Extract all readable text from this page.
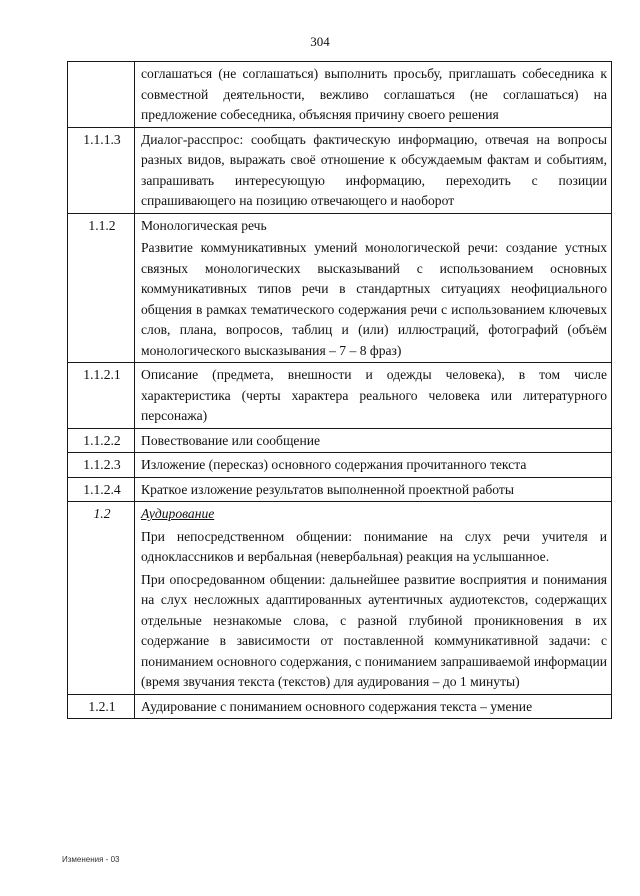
304

	соглашаться (не соглашаться) выполнить просьбу, приглашать собеседника к совместной деятельности, вежливо соглашаться (не соглашаться) на предложение собеседника, объясняя причину своего решения

1.1.1.3	Диалог-расспрос: сообщать фактическую информацию, отвечая на вопросы разных видов, выражать своё отношение к обсуждаемым фактам и событиям, запрашивать интересующую информацию, переходить с позиции спрашивающего на позицию отвечающего и наоборот

1.1.2	Монологическая речь

Развитие коммуникативных умений монологической речи: создание устных связных монологических высказываний с использованием основных коммуникативных типов речи в стандартных ситуациях неофициального общения в рамках тематического содержания речи с использованием ключевых слов, плана, вопросов, таблиц и (или) иллюстраций, фотографий (объём монологического высказывания – 7 – 8 фраз)

1.1.2.1	Описание (предмета, внешности и одежды человека), в том числе характеристика (черты характера реального человека или литературного персонажа)

1.1.2.2	Повествование или сообщение

1.1.2.3	Изложение (пересказ) основного содержания прочитанного текста

1.1.2.4	Краткое изложение результатов выполненной проектной работы

1.2	Аудирование

При непосредственном общении: понимание на слух речи учителя и одноклассников и вербальная (невербальная) реакция на услышанное.

При опосредованном общении: дальнейшее развитие восприятия и понимания на слух несложных адаптированных аутентичных аудиотекстов, содержащих отдельные незнакомые слова, с разной глубиной проникновения в их содержание в зависимости от поставленной коммуникативной задачи: с пониманием основного содержания, с пониманием запрашиваемой информации (время звучания текста (текстов) для аудирования – до 1 минуты)

1.2.1	Аудирование с пониманием основного содержания текста – умение

Изменения - 03
